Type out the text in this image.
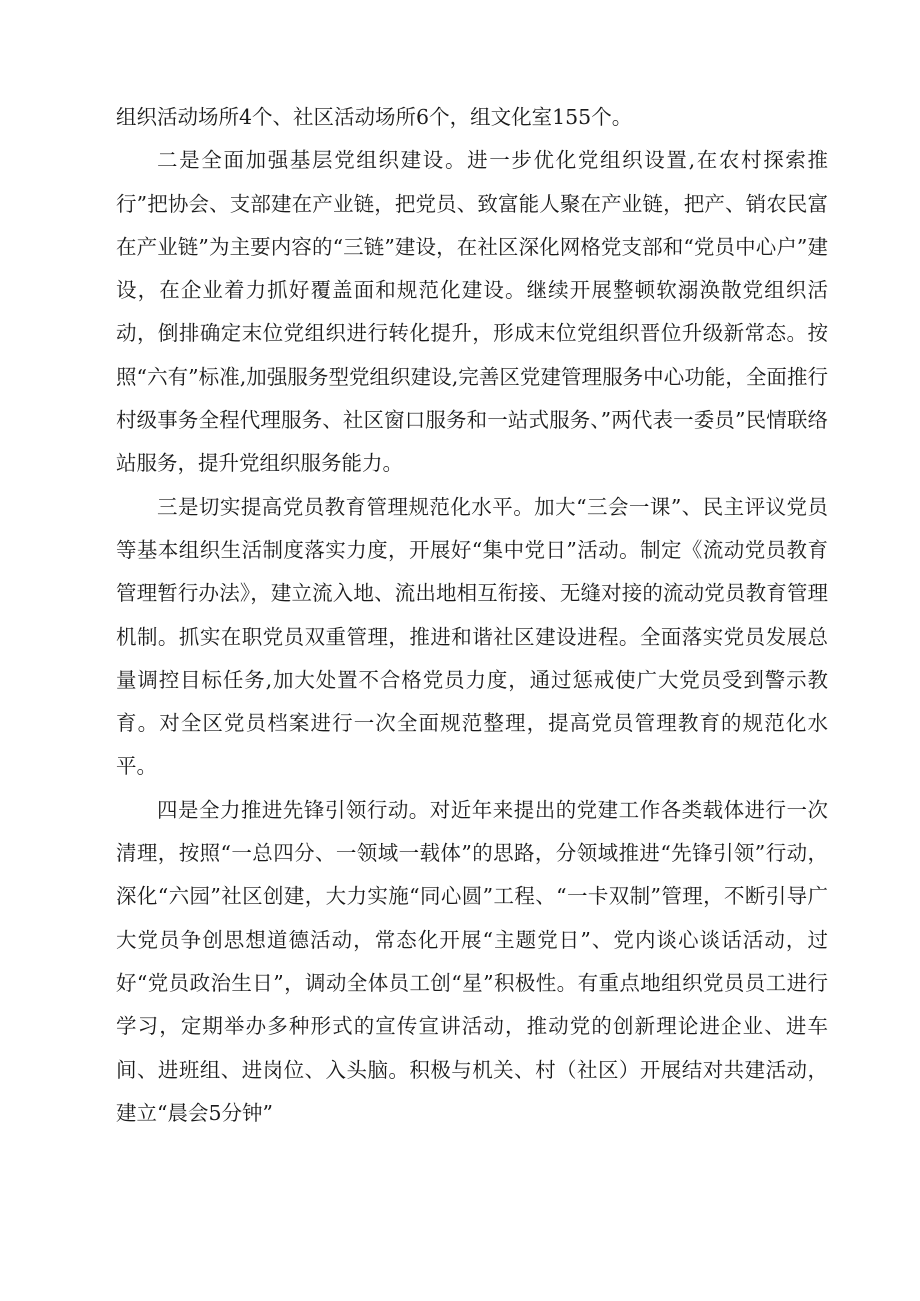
组织活动场所4个、社区活动场所6个，组文化室155个。

二是全面加强基层党组织建设。进一步优化党组织设置,在农村探索推行”把协会、支部建在产业链，把党员、致富能人聚在产业链，把产、销农民富在产业链”为主要内容的“三链”建设，在社区深化网格党支部和“党员中心户”建设，在企业着力抓好覆盖面和规范化建设。继续开展整顿软溺涣散党组织活动，倒排确定末位党组织进行转化提升，形成末位党组织晋位升级新常态。按照“六有”标准,加强服务型党组织建设,完善区党建管理服务中心功能，全面推行村级事务全程代理服务、社区窗口服务和一站式服务、”两代表一委员”民情联络站服务，提升党组织服务能力。

三是切实提高党员教育管理规范化水平。加大“三会一课”、民主评议党员等基本组织生活制度落实力度，开展好“集中党日”活动。制定《流动党员教育管理暂行办法》，建立流入地、流出地相互衔接、无缝对接的流动党员教育管理机制。抓实在职党员双重管理，推进和谐社区建设进程。全面落实党员发展总量调控目标任务,加大处置不合格党员力度，通过惩戒使广大党员受到警示教育。对全区党员档案进行一次全面规范整理，提高党员管理教育的规范化水平。

四是全力推进先锋引领行动。对近年来提出的党建工作各类载体进行一次清理，按照“一总四分、一领域一载体”的思路，分领域推进“先锋引领”行动，深化“六园”社区创建，大力实施“同心圆”工程、“一卡双制”管理，不断引导广大党员争创思想道德活动，常态化开展“主题党日”、党内谈心谈话活动，过好“党员政治生日”，调动全体员工创“星”积极性。有重点地组织党员员工进行学习，定期举办多种形式的宣传宣讲活动，推动党的创新理论进企业、进车间、进班组、进岗位、入头脑。积极与机关、村（社区）开展结对共建活动，建立“晨会5分钟”
